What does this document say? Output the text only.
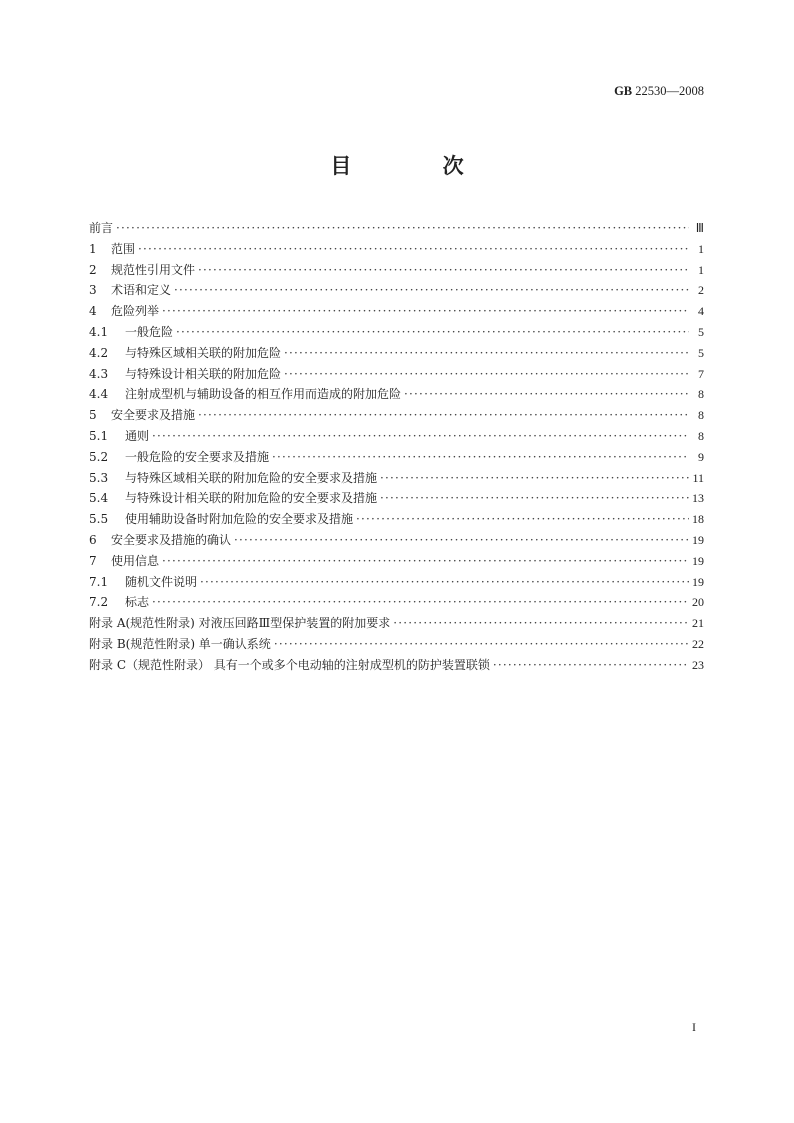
GB 22530—2008
目 次
前言 ·····	Ⅲ
1	范围 ·····	1
2	规范性引用文件 ·····	1
3	术语和定义 ·····	2
4	危险列举 ·····	4
4.1	一般危险 ·····	5
4.2	与特殊区域相关联的附加危险 ·····	5
4.3	与特殊设计相关联的附加危险 ·····	7
4.4	注射成型机与辅助设备的相互作用而造成的附加危险 ·····	8
5	安全要求及措施 ·····	8
5.1	通则 ·····	8
5.2	一般危险的安全要求及措施 ·····	9
5.3	与特殊区域相关联的附加危险的安全要求及措施 ·····	11
5.4	与特殊设计相关联的附加危险的安全要求及措施 ·····	13
5.5	使用辅助设备时附加危险的安全要求及措施 ·····	18
6	安全要求及措施的确认 ·····	19
7	使用信息 ·····	19
7.1	随机文件说明 ·····	19
7.2	标志 ·····	20
附录 A(规范性附录) 对液压回路Ⅲ型保护装置的附加要求 ·····	21
附录 B(规范性附录) 单一确认系统 ·····	22
附录 C（规范性附录） 具有一个或多个电动轴的注射成型机的防护装置联锁 ·····	23
I
